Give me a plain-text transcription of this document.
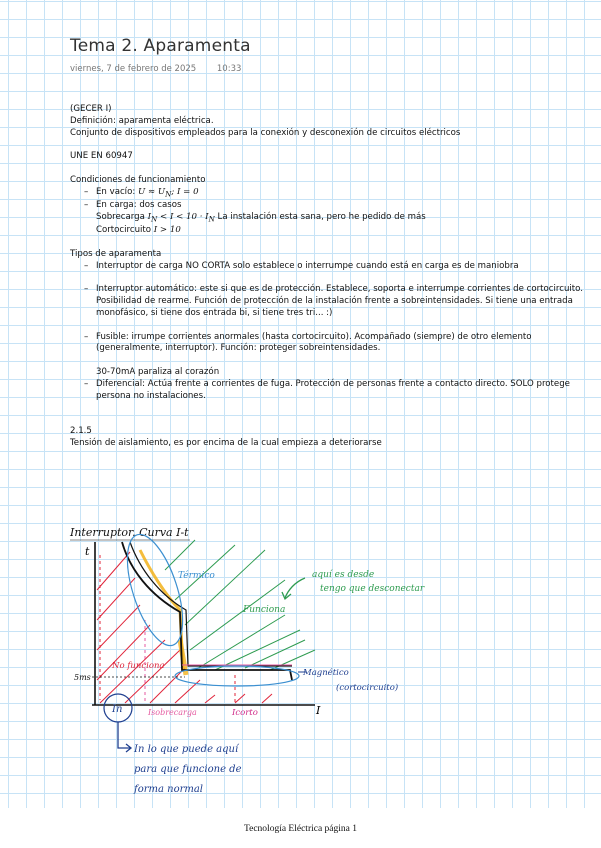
Tema 2. Aparamenta
viernes, 7 de febrero de 2025 10:33

(GECER I)

Definición: aparamenta eléctrica.

Conjunto de dispositivos empleados para la conexión y desconexión de circuitos eléctricos

UNE EN 60947

Condiciones de funcionamiento

– En vacío: $U \approx U_N$; I = 0
– En carga: dos casos

Sobrecarga $I_N < I < 10 \cdot I_N$ La instalación esta sana, pero he pedido de más

Cortocircuito I > 10

Tipos de aparamenta

– Interruptor de carga NO CORTA solo establece o interrumpe cuando está en carga es de maniobra
– Interruptor automático: este si que es de protección. Establece, soporta e interrumpe corrientes de cortocircuito. Posibilidad de rearme. Función de protección de la instalación frente a sobreintensidades. Si tiene una entrada monofásico, si tiene dos entrada bi, si tiene tres tri... :)
– Fusible: irrumpe corrientes anormales (hasta cortocircuito). Acompañado (siempre) de otro elemento (generalmente, interruptor). Función: proteger sobreintensidades.

30-70mA paraliza al corazón

– Diferencial: Actúa frente a corrientes de fuga. Protección de personas frente a contacto directo. SOLO protege persona no instalaciones.

2.1.5

Tensión de aislamiento, es por encima de la cual empieza a deteriorarse

Interruptor. Curva I-t
t
I
Térmico
Funciona
No funciona
5ms
In	Isobrecarga	Icorto
Magnético
(cortocircuito)
aquí es desde
tengo que desconectar
In lo que puede aquí
para que funcione de
forma normal
Tecnología Eléctrica página 1
